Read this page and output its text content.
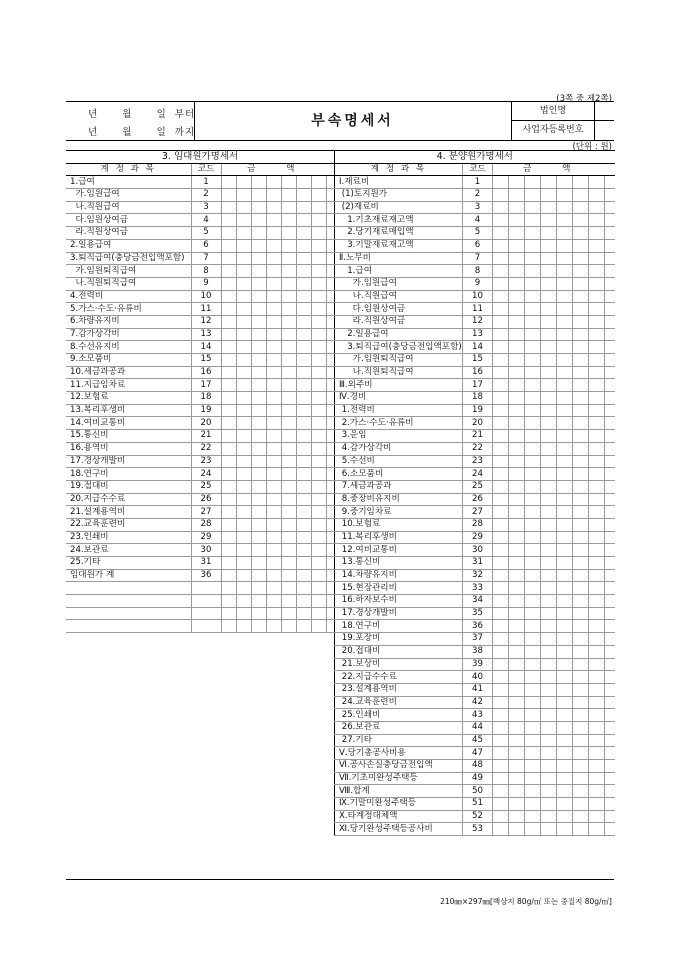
(3쪽 중 제2쪽)
년      월      일  부터
년      월      일  까지
부속명세서
법인명
사업자등록번호
(단위 : 원)
3. 임대원가명세서									
계 정 과 목	코드	금 액							
1.급여	1								
가.임원급여	2								
나.직원급여	3								
다.임원상여금	4								
라.직원상여금	5								
2.일용급여	6								
3.퇴직급여(충당금전입액포함)	7								
가.임원퇴직급여	8								
나.직원퇴직급여	9								
4.전력비	10								
5.가스·수도·유류비	11								
6.차량유지비	12								
7.감가상각비	13								
8.수선유지비	14								
9.소모품비	15								
10.세금과공과	16								
11.지급임차료	17								
12.보험료	18								
13.복리후생비	19								
14.여비교통비	20								
15.통신비	21								
16.용역비	22								
17.경상개발비	23								
18.연구비	24								
19.접대비	25								
20.지급수수료	26								
21.설계용역비	27								
22.교육훈련비	28								
23.인쇄비	29								
24.보관료	30								
25.기타	31								
임대원가 계	36								

4. 분양원가명세서									
계 정 과 목	코드	금 액							
Ⅰ.재료비	1								
(1)토지원가	2								
(2)재료비	3								
1.기초재료재고액	4								
2.당기재료매입액	5								
3.기말재료재고액	6								
Ⅱ.노무비	7								
1.급여	8								
가.임원급여	9								
나.직원급여	10								
다.임원상여금	11								
라.직원상여금	12								
2.일용급여	13								
3.퇴직급여(충당금전입액포함)	14								
가.임원퇴직급여	15								
나.직원퇴직급여	16								
Ⅲ.외주비	17								
Ⅳ.경비	18								
1.전력비	19								
2.가스·수도·유류비	20								
3.운임	21								
4.감가상각비	22								
5.수선비	23								
6.소모품비	24								
7.세금과공과	25								
8.중장비유지비	26								
9.중기임차료	27								
10.보험료	28								
11.복리후생비	29								
12.여비교통비	30								
13.통신비	31								
14.차량유지비	32								
15.현장관리비	33								
16.하자보수비	34								
17.경상개발비	35								
18.연구비	36								
19.포장비	37								
20.접대비	38								
21.보상비	39								
22.지급수수료	40								
23.설계용역비	41								
24.교육훈련비	42								
25.인쇄비	43								
26.보관료	44								
27.기타	45								
Ⅴ.당기총공사비용	47								
Ⅵ.공사손실충당금전입액	48								
Ⅶ.기초미완성주택등	49								
Ⅷ.합계	50								
Ⅸ.기말미완성주택등	51								
Ⅹ.타계정대체액	52								
Ⅺ.당기완성주택등공사비	53								
210㎜×297㎜[백상지 80g/㎡ 또는 중질지 80g/㎡]
